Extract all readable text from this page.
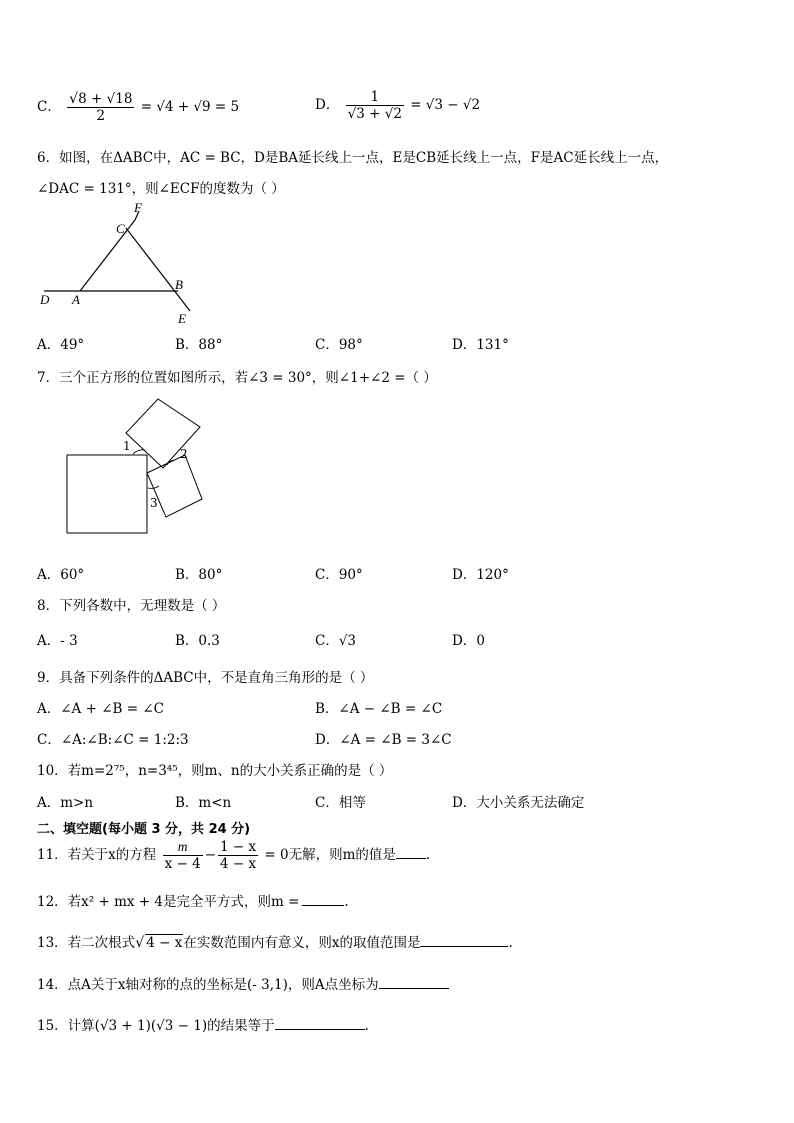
C． $\frac{√8 + √18}{2} = √4 + √9 = 5$	D． $\frac{1}{√3 + √2} = √3 - √2$
6．如图，在ΔABC中，AC = BC，D是BA延长线上一点，E是CB延长线上一点，F是AC延长线上一点，
∠DAC = 131°，则∠ECF的度数为（ ）
F
C
D A
B
E
A．49°	B．88°	C．98°	D．131°
7．三个正方形的位置如图所示，若∠3 = 30°，则∠1+∠2 =（ ）
1
2
3
A．60°	B．80°	C．90°	D．120°
8．下列各数中，无理数是（ ）
A．- 3	B．0.3	C．√3	D．0
9．具备下列条件的ΔABC中，不是直角三角形的是（ ）
A．∠A + ∠B = ∠C	B．∠A − ∠B = ∠C
C．∠A:∠B:∠C = 1:2:3	D．∠A = ∠B = 3∠C
10．若m=2⁷⁵，n=3⁴⁵，则m、n的大小关系正确的是（ ）
A．m>n	B．m<n	C．相等	D．大小关系无法确定
二、填空题(每小题 3 分，共 24 分)
11．若关于x的方程 $\frac{m}{x - 4} - \frac{1 - x}{4 - x} = 0$无解，则m的值是 .
12．若x² + mx + 4是完全平方式，则m =	.
13．若二次根式√ 4 − x在实数范围内有意义，则x的取值范围是	.
14．点A关于x轴对称的点的坐标是(- 3,1)，则A点坐标为
15．计算(√3 + 1)(√3 − 1)的结果等于	.
